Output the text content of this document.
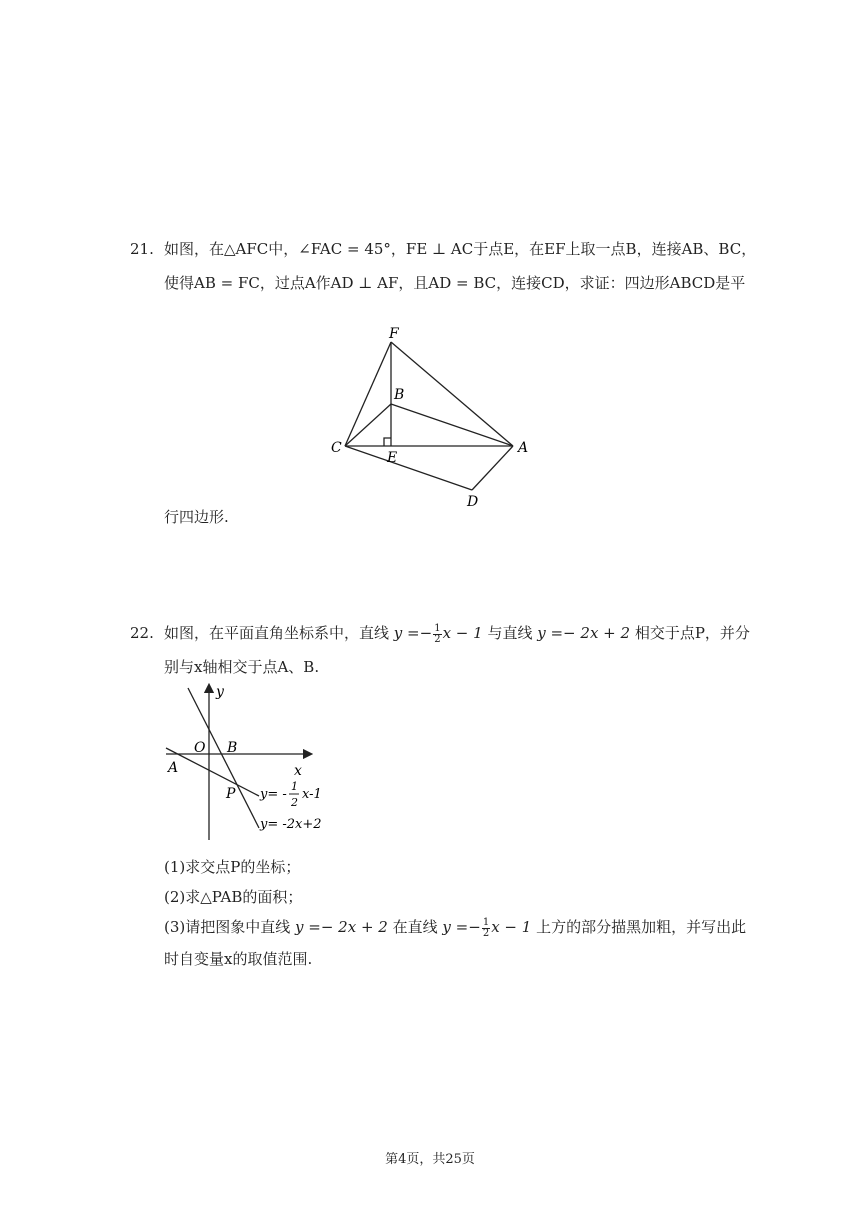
21. 如图，在△AFC中，∠FAC = 45°，FE ⊥ AC于点E，在EF上取一点B，连接AB、BC，
使得AB = FC，过点A作AD ⊥ AF，且AD = BC，连接CD，求证：四边形ABCD是平
F
B
C
E
A
D
行四边形.
22. 如图，在平面直角坐标系中，直线 $y =- \frac{1}{2}$ x − 1 与直线 y =− 2x + 2 相交于点P，并分
别与x轴相交于点A、B.
y
x
O B
A
P y= -
1
2
x-1
y= -2x+2
(1)求交点P的坐标；
(2)求△PAB的面积；
(3)请把图象中直线 y =− 2x + 2 在直线 $y =- \frac{1}{2}$ x − 1 上方的部分描黑加粗，并写出此
时自变量x的取值范围.
第4页，共25页
